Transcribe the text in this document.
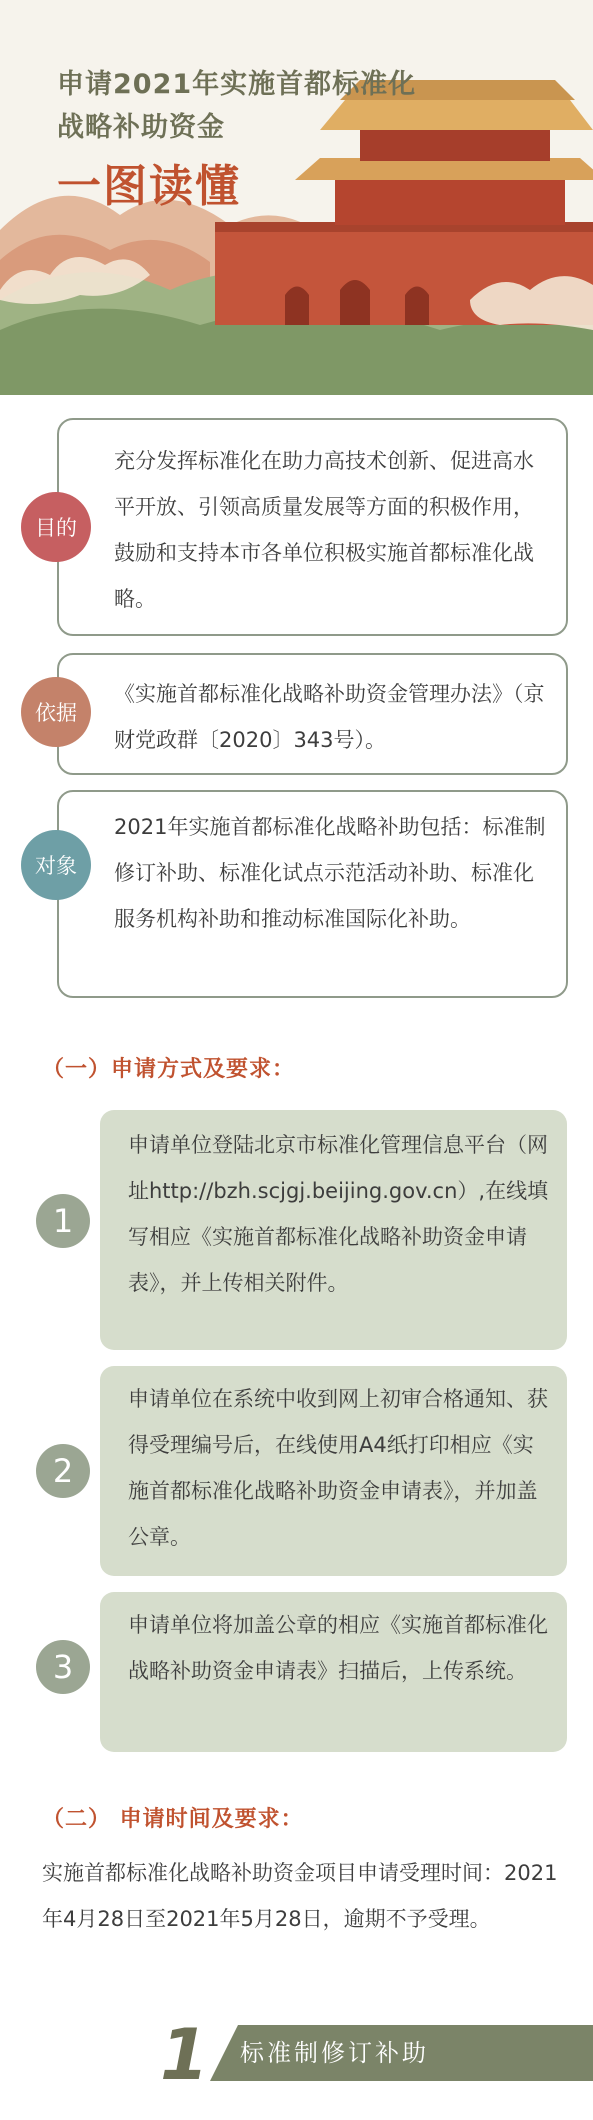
申请2021年实施首都标准化
战略补助资金
一图读懂
充分发挥标准化在助力高技术创新、促进高水平开放、引领高质量发展等方面的积极作用，鼓励和支持本市各单位积极实施首都标准化战略。
目的
《实施首都标准化战略补助资金管理办法》（京财党政群〔2020〕343号）。
依据
2021年实施首都标准化战略补助包括：标准制修订补助、标准化试点示范活动补助、标准化服务机构补助和推动标准国际化补助。
对象
（一）申请方式及要求：
申请单位登陆北京市标准化管理信息平台（网址http://bzh.scjgj.beijing.gov.cn）,在线填写相应《实施首都标准化战略补助资金申请表》，并上传相关附件。
1
申请单位在系统中收到网上初审合格通知、获得受理编号后，在线使用A4纸打印相应《实施首都标准化战略补助资金申请表》，并加盖公章。
2
申请单位将加盖公章的相应《实施首都标准化战略补助资金申请表》扫描后，上传系统。
3
（二） 申请时间及要求：
实施首都标准化战略补助资金项目申请受理时间：2021年4月28日至2021年5月28日，逾期不予受理。
1 标准制修订补助
